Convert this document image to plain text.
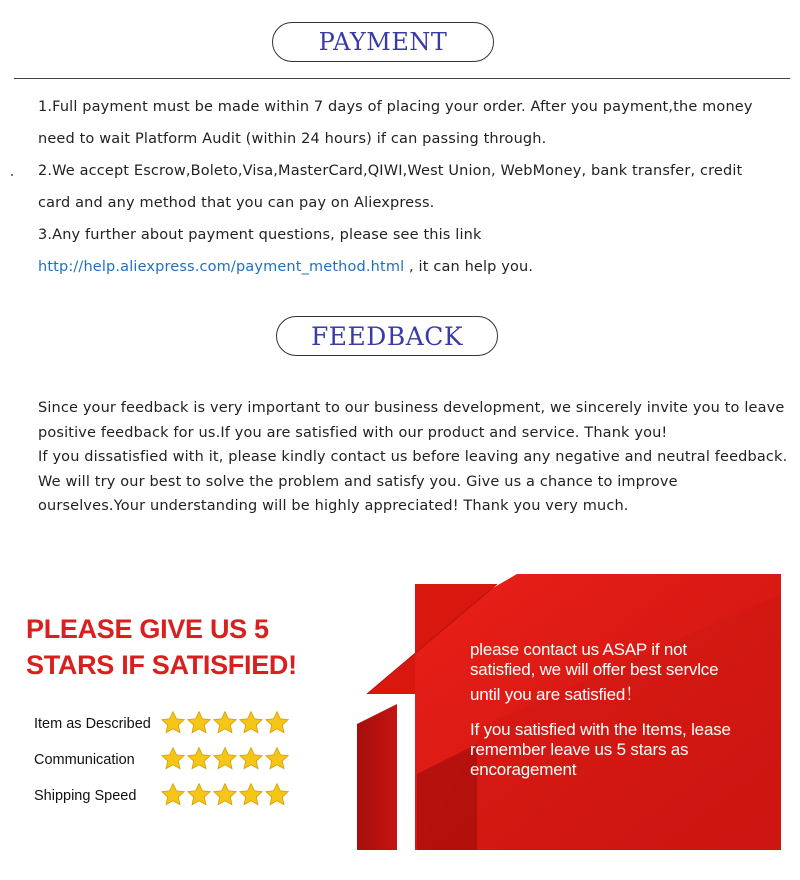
PAYMENT
1.Full payment must be made within 7 days of placing your order. After you payment,the money
need to wait Platform Audit (within 24 hours) if can passing through.
2.We accept Escrow,Boleto,Visa,MasterCard,QIWI,West Union, WebMoney, bank transfer, credit
card and any method that you can pay on Aliexpress.
3.Any further about payment questions, please see this link
http://help.aliexpress.com/payment_method.html , it can help you.
FEEDBACK
Since your feedback is very important to our business development, we sincerely invite you to leave
positive feedback for us.If you are satisfied with our product and service. Thank you!
If you dissatisfied with it, please kindly contact us before leaving any negative and neutral feedback.
We will try our best to solve the problem and satisfy you. Give us a chance to improve
ourselves.Your understanding will be highly appreciated! Thank you very much.
PLEASE GIVE US 5
STARS IF SATISFIED!
Item as Described
Communication
Shipping Speed
please contact us ASAP if not
satisfied, we will offer best servlce
until you are satisfied！
If you satisfied with the Items, lease
remember leave us 5 stars as
encoragement
